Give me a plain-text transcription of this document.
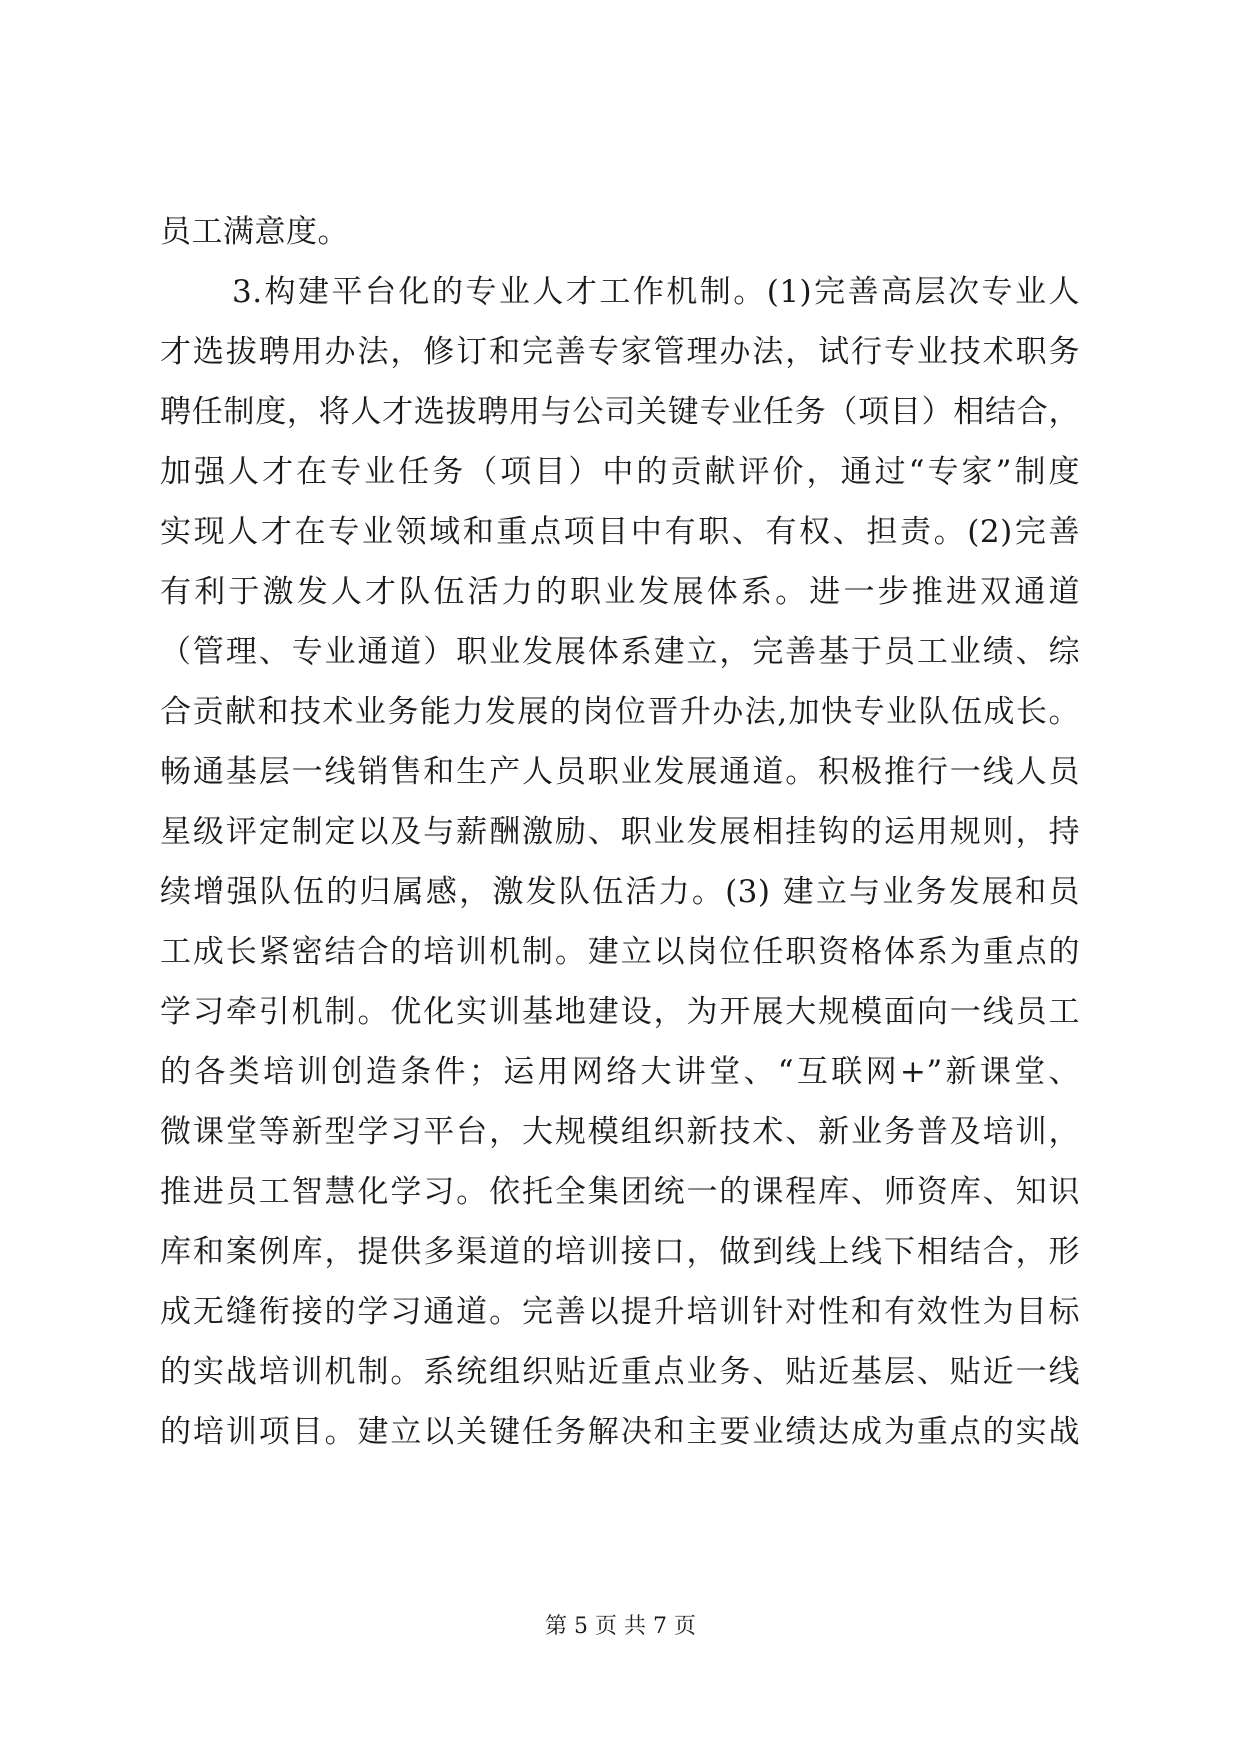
员工满意度。
3.构建平台化的专业人才工作机制。(1)完善高层次专业人
才选拔聘用办法，修订和完善专家管理办法，试行专业技术职务
聘任制度，将人才选拔聘用与公司关键专业任务（项目）相结合，
加强人才在专业任务（项目）中的贡献评价，通过“专家”制度
实现人才在专业领域和重点项目中有职、有权、担责。(2)完善
有利于激发人才队伍活力的职业发展体系。进一步推进双通道
（管理、专业通道）职业发展体系建立，完善基于员工业绩、综
合贡献和技术业务能力发展的岗位晋升办法,加快专业队伍成长。
畅通基层一线销售和生产人员职业发展通道。积极推行一线人员
星级评定制定以及与薪酬激励、职业发展相挂钩的运用规则，持
续增强队伍的归属感，激发队伍活力。(3) 建立与业务发展和员
工成长紧密结合的培训机制。建立以岗位任职资格体系为重点的
学习牵引机制。优化实训基地建设，为开展大规模面向一线员工
的各类培训创造条件；运用网络大讲堂、“互联网+”新课堂、
微课堂等新型学习平台，大规模组织新技术、新业务普及培训，
推进员工智慧化学习。依托全集团统一的课程库、师资库、知识
库和案例库，提供多渠道的培训接口，做到线上线下相结合，形
成无缝衔接的学习通道。完善以提升培训针对性和有效性为目标
的实战培训机制。系统组织贴近重点业务、贴近基层、贴近一线
的培训项目。建立以关键任务解决和主要业绩达成为重点的实战
第 5 页 共 7 页
